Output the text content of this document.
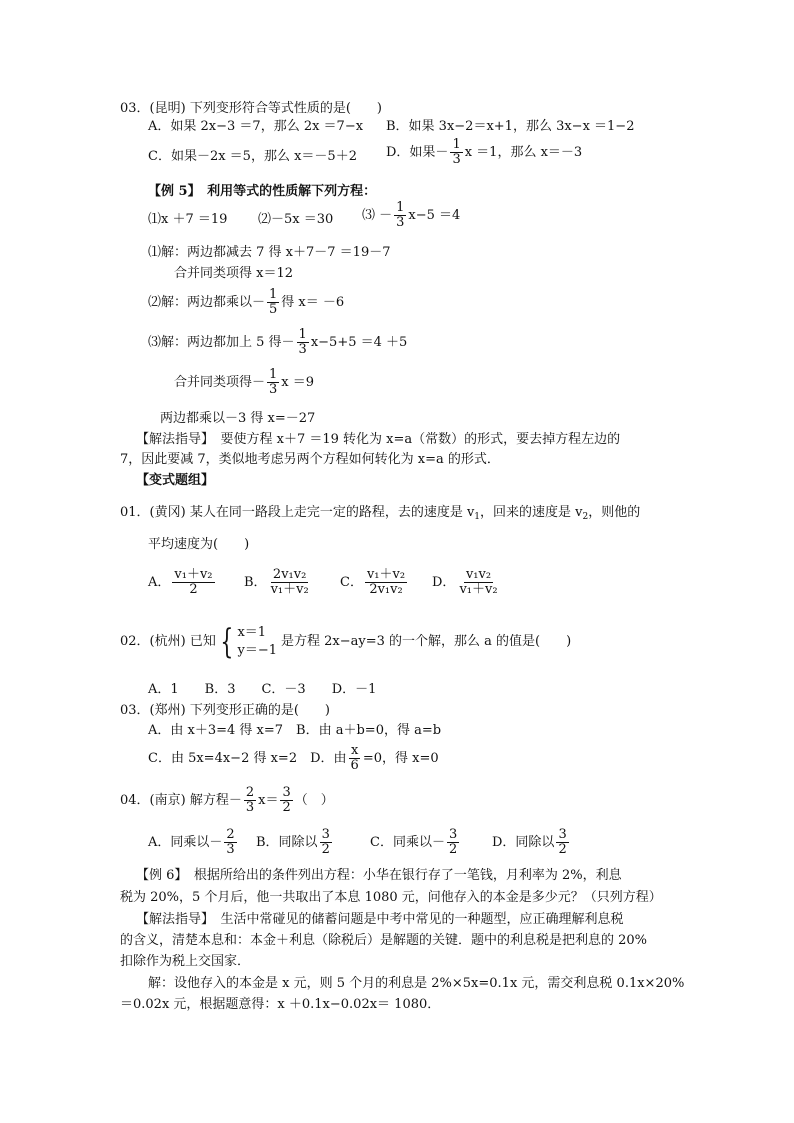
03．(昆明) 下列变形符合等式性质的是(　　)
A．如果 2x−3 ＝7，那么 2x ＝7−x B．如果 3x−2＝x+1，那么 3x−x ＝1−2
C．如果－2x ＝5，那么 x＝－5＋2 D．如果－ $\frac{1}{3}$ x ＝1，那么 x＝－3
【例 5】　利用等式的性质解下列方程：
⑴x ＋7 ＝19 ⑵－5x ＝30 ⑶ － $\frac{1}{3} x-5 =4$
⑴解：两边都减去 7 得 x＋7－7 ＝19－7
合并同类项得 x＝12
⑵解：两边都乘以－ $\frac{1}{5}$ 得 x＝ －6
⑶解：两边都加上 5 得－ $\frac{1}{3} x-5+5 =4 +5$
合并同类项得－ $\frac{1}{3}$ x ＝9
两边都乘以－3 得 x=－27
【解法指导】　要使方程 x＋7 ＝19 转化为 x=a（常数）的形式，要去掉方程左边的
7，因此要减 7，类似地考虑另两个方程如何转化为 x=a 的形式．
【变式题组】
01．(黄冈) 某人在同一路段上走完一定的路程，去的速度是 $v_1$，回来的速度是 $v_2$，则他的
平均速度为(　　)
A． $\frac{\text{v₁＋v₂}}{2}$ B． $\frac{\text{2v₁v₂}}{\text{v₁＋v₂}}$ C． $\frac{\text{v₁＋v₂}}{\text{2v₁v₂}}$ D． $\frac{\text{v₁v₂}}{\text{v₁＋v₂}}$
02．(杭州) 已知 { x＝1
y＝−1
是方程 2x−ay=3 的一个解，那么 a 的值是(　　)
A．1　　B．3　　C．－3　　D．－1
03．(郑州) 下列变形正确的是(　　)
A．由 x＋3=4 得 x=7　B．由 a＋b=0，得 a=b
C．由 5x=4x−2 得 x=2　D．由 $\frac{x}{6} =0$，得 x=0
04．(南京) 解方程－ $\frac{2}{3} x= \frac{3}{2}$ （　）
A．同乘以－ $\frac{2}{3}$ B．同除以 $\frac{3}{2}$	C．同乘以－ $\frac{3}{2}$	D．同除以 $\frac{3}{2}$
【例 6】　根据所给出的条件列出方程：小华在银行存了一笔钱，月利率为 2%，利息
税为 20%，5 个月后，他一共取出了本息 1080 元，问他存入的本金是多少元？（只列方程）
【解法指导】　生活中常碰见的储蓄问题是中考中常见的一种题型，应正确理解利息税
的含义，清楚本息和：本金＋利息（除税后）是解题的关键．题中的利息税是把利息的 20%
扣除作为税上交国家．
解：设他存入的本金是 x 元，则 5 个月的利息是 2%×5x=0.1x 元，需交利息税 0.1x×20%
＝0.02x 元，根据题意得：x ＋0.1x−0.02x＝ 1080．
